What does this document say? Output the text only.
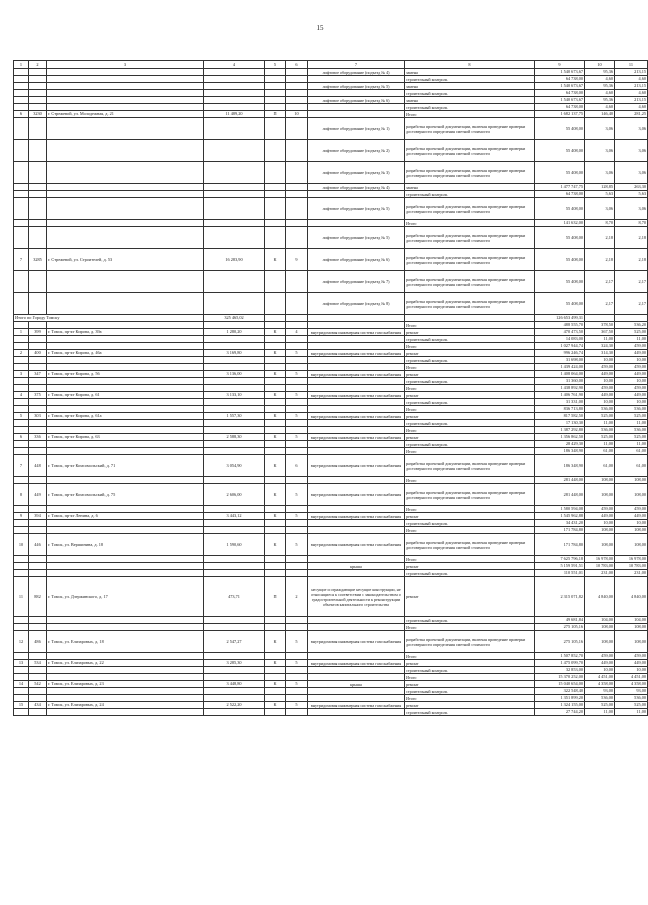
15
1	2	3	4	5	6	7	8	9	10	11
						лифтовое оборудование (подъезд № 4)	замена	1 540 673,67	95,36	213,15
							строительный контроль	64 738,00	4,60	4,60
						лифтовое оборудование (подъезд № 5)	замена	1 540 673,67	95,36	213,15
							строительный контроль	64 738,00	4,60	4,60
						лифтовое оборудование (подъезд № 6)	замена	1 540 673,67	95,36	213,15
							строительный контроль	64 738,00	4,60	4,60
6	3230	г. Стрежевой, ул. Молодежная, д. 21	11 489,20	П	10		Итого	1 682 137,75	146,40	281,25
						лифтовое оборудование (подъезд № 1)	разработка проектной документации, включая проведение проверки достоверности определения сметной стоимости	55 408,00	3,06	3,06
						лифтовое оборудование (подъезд № 2)	разработка проектной документации, включая проведение проверки достоверности определения сметной стоимости	55 408,00	3,06	3,06
						лифтовое оборудование (подъезд № 3)	разработка проектной документации, включая проведение проверки достоверности определения сметной стоимости	55 408,00	3,06	3,06
						лифтовое оборудование (подъезд № 4)	замена	1 477 747,75	128,85	263,30
							строительный контроль	64 738,00	5,63	5,63
						лифтовое оборудование (подъезд № 5)	разработка проектной документации, включая проведение проверки достоверности определения сметной стоимости	55 408,00	3,06	3,06
							Итого	141 632,00	8,70	8,70
						лифтовое оборудование (подъезд № 5)	разработка проектной документации, включая проведение проверки достоверности определения сметной стоимости	55 408,00	2,18	2,18
7	3285	г. Стрежевой, ул. Строителей, д. 53	16 283,90	К	9	лифтовое оборудование (подъезд № 6)	разработка проектной документации, включая проведение проверки достоверности определения сметной стоимости	55 408,00	2,18	2,18
						лифтовое оборудование (подъезд № 7)	разработка проектной документации, включая проведение проверки достоверности определения сметной стоимости	55 408,00	2,17	2,17
						лифтовое оборудование (подъезд № 8)	разработка проектной документации, включая проведение проверки достоверности определения сметной стоимости	55 408,00	2,17	2,17
Итого по Городу Томску			325 465,02					126 653 499,31		
							Итого	488 555,70	378,50	536,20
1	399	г. Томск, пр-кт Кирова, д. 39а	1 280,20	К	4	внутридомовая инженерная система газоснабжения	ремонт	470 473,50	367,50	525,00
							строительный контроль	14 083,00	11,00	11,00
							Итого	1 027 944,74	324,30	459,00
2	400	г. Томск, пр-кт Кирова, д. 46а	3 169,80	К	5	внутридомовая инженерная система газоснабжения	ремонт	996 246,74	314,30	449,00
							строительный контроль	31 698,00	10,00	10,00
							Итого	1 439 424,00	459,00	459,00
3	347	г. Томск, пр-кт Кирова, д. 56	3 136,00	К	5	внутридомовая инженерная система газоснабжения	ремонт	1 408 064,00	449,00	449,00
							строительный контроль	31 360,00	10,00	10,00
							Итого	1 438 892,90	459,00	459,00
4	375	г. Томск, пр-кт Кирова, д. 61	3 133,10	К	5	внутридомовая инженерная система газоснабжения	ремонт	1 406 761,90	449,00	449,00
							строительный контроль	31 331,00	10,00	10,00
							Итого	836 713,80	536,00	536,00
5	303	г. Томск, пр-кт Кирова, д. 61а	1 557,30	К	5	внутридомовая инженерная система газоснабжения	ремонт	817 582,50	525,00	525,00
							строительный контроль	17 130,30	11,00	11,00
							Итого	1 387 292,80	536,00	536,00
6	336	г. Томск, пр-кт Кирова, д. 63	2 588,30	К	5	внутридомовая инженерная система газоснабжения	ремонт	1 356 862,50	525,00	525,00
							строительный контроль	28 429,30	11,00	11,00
							Итого	186 348,90	61,00	61,00
7	448	г. Томск, пр-кт Комсомольский, д. 71	3 054,90	К	6	внутридомовая инженерная система газоснабжения	разработка проектной документации, включая проведение проверки достоверности определения сметной стоимости	186 348,90	61,00	61,00
							Итого	281 448,00	108,00	108,00
8	449	г. Томск, пр-кт Комсомольский, д. 75	2 606,00	К	5	внутридомовая инженерная система газоснабжения	разработка проектной документации, включая проведение проверки достоверности определения сметной стоимости	281 448,00	108,00	108,00
							Итого	1 580 594,08	459,00	459,00
9	394	г. Томск, пр-кт Ленина, д. 6	3 443,12	К	5	внутридомовая инженерная система газоснабжения	ремонт	1 545 962,88	449,00	449,00
							строительный контроль	34 431,20	10,00	10,00
							Итого	171 784,80	108,00	108,00
10	446	г. Томск, ул. Вершинина, д. 18	1 590,60	К	5	внутридомовая инженерная система газоснабжения	разработка проектной документации, включая проведение проверки достоверности определения сметной стоимости	171 784,80	108,00	108,00
							Итого	7 625 796,18	16 978,00	16 978,00
						крыша	ремонт	5 159 591,51	10 783,00	10 783,00
							строительный контроль	110 551,01	231,00	231,00
11	882	г. Томск, ул. Дзержинского, д. 17	473,71	П	2	несущие и ограждающие несущие конструкции, не относящиеся к соответствии с законодательством о градостроительной деятельности к реконструкции объектов капитального строительства	ремонт	2 315 071,82	4 840,00	4 840,00
							строительный контроль	49 681,84	104,00	104,00
							Итого	275 105,16	108,00	108,00
12	486	г. Томск, ул. Елизаровых, д. 18	2 547,27	К	5	внутридомовая инженерная система газоснабжения	разработка проектной документации, включая проведение проверки достоверности определения сметной стоимости	275 105,16	108,00	108,00
							Итого	1 507 852,70	459,00	459,00
13	534	г. Томск, ул. Елизаровых, д. 22	3 285,30	К	5	внутридомовая инженерная система газоснабжения	ремонт	1 475 099,70	449,00	449,00
							строительный контроль	32 853,00	10,00	10,00
							Итого	15 370 252,00	4 451,00	4 451,00
14	542	г. Томск, ул. Елизаровых, д. 23	3 448,80	К	5	крыша	ремонт	15 040 654,00	4 358,00	4 358,00
							строительный контроль	322 548,40	93,00	93,00
							Итого	1 351 899,20	536,00	536,00
15	434	г. Томск, ул. Елизаровых, д. 24	2 522,20	К	5	внутридомовая инженерная система газоснабжения	ремонт	1 324 155,00	525,00	525,00
							строительный контроль	27 744,20	11,00	11,00
